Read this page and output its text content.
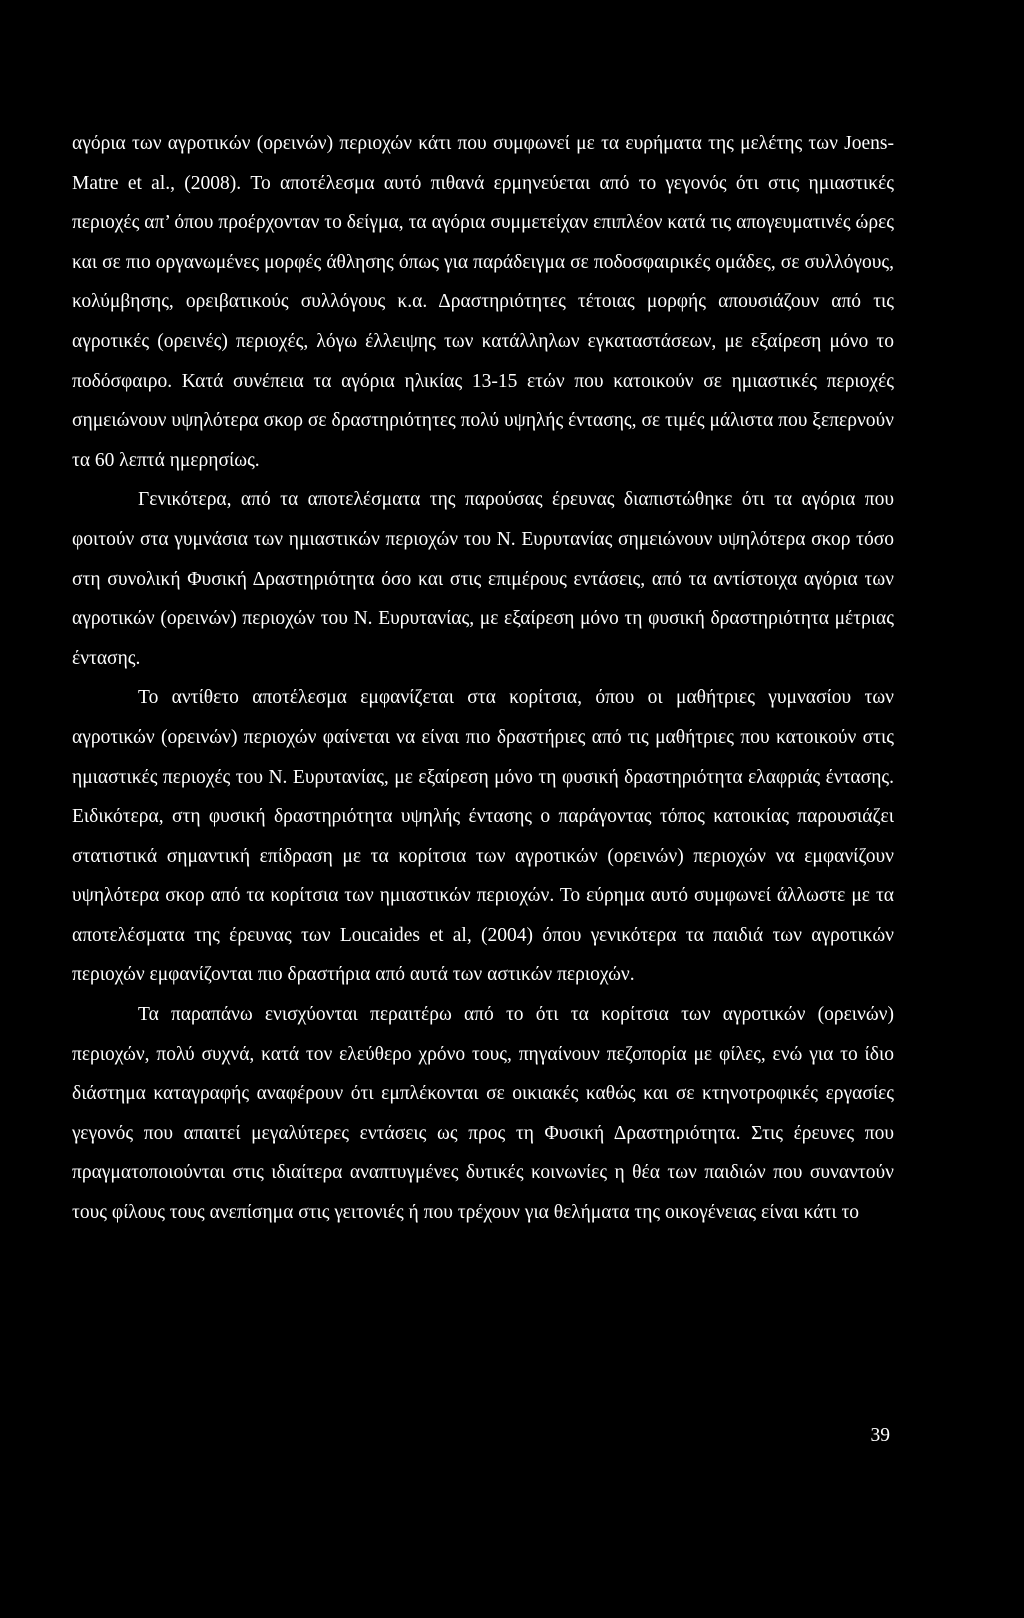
αγόρια των αγροτικών (ορεινών) περιοχών κάτι που συμφωνεί με τα ευρήματα της μελέτης των Joens-Matre et al., (2008). Το αποτέλεσμα αυτό πιθανά ερμηνεύεται από το γεγονός ότι στις ημιαστικές περιοχές απ’ όπου προέρχονταν το δείγμα, τα αγόρια συμμετείχαν επιπλέον κατά τις απογευματινές ώρες και σε πιο οργανωμένες μορφές άθλησης όπως για παράδειγμα σε ποδοσφαιρικές ομάδες, σε συλλόγους, κολύμβησης, ορειβατικούς συλλόγους κ.α. Δραστηριότητες τέτοιας μορφής απουσιάζουν από τις αγροτικές (ορεινές) περιοχές, λόγω έλλειψης των κατάλληλων εγκαταστάσεων, με εξαίρεση μόνο το ποδόσφαιρο. Κατά συνέπεια τα αγόρια ηλικίας 13-15 ετών που κατοικούν σε ημιαστικές περιοχές σημειώνουν υψηλότερα σκορ σε δραστηριότητες πολύ υψηλής έντασης, σε τιμές μάλιστα που ξεπερνούν τα 60 λεπτά ημερησίως.

Γενικότερα, από τα αποτελέσματα της παρούσας έρευνας διαπιστώθηκε ότι τα αγόρια που φοιτούν στα γυμνάσια των ημιαστικών περιοχών του Ν. Ευρυτανίας σημειώνουν υψηλότερα σκορ τόσο στη συνολική Φυσική Δραστηριότητα όσο και στις επιμέρους εντάσεις, από τα αντίστοιχα αγόρια των αγροτικών (ορεινών) περιοχών του Ν. Ευρυτανίας, με εξαίρεση μόνο τη φυσική δραστηριότητα μέτριας έντασης.

Το αντίθετο αποτέλεσμα εμφανίζεται στα κορίτσια, όπου οι μαθήτριες γυμνασίου των αγροτικών (ορεινών) περιοχών φαίνεται να είναι πιο δραστήριες από τις μαθήτριες που κατοικούν στις ημιαστικές περιοχές του Ν. Ευρυτανίας, με εξαίρεση μόνο τη φυσική δραστηριότητα ελαφριάς έντασης. Ειδικότερα, στη φυσική δραστηριότητα υψηλής έντασης ο παράγοντας τόπος κατοικίας παρουσιάζει στατιστικά σημαντική επίδραση με τα κορίτσια των αγροτικών (ορεινών) περιοχών να εμφανίζουν υψηλότερα σκορ από τα κορίτσια των ημιαστικών περιοχών. Το εύρημα αυτό συμφωνεί άλλωστε με τα αποτελέσματα της έρευνας των Loucaides et al, (2004) όπου γενικότερα τα παιδιά των αγροτικών περιοχών εμφανίζονται πιο δραστήρια από αυτά των αστικών περιοχών.

Τα παραπάνω ενισχύονται περαιτέρω από το ότι τα κορίτσια των αγροτικών (ορεινών) περιοχών, πολύ συχνά, κατά τον ελεύθερο χρόνο τους, πηγαίνουν πεζοπορία με φίλες, ενώ για το ίδιο διάστημα καταγραφής αναφέρουν ότι εμπλέκονται σε οικιακές καθώς και σε κτηνοτροφικές εργασίες γεγονός που απαιτεί μεγαλύτερες εντάσεις ως προς τη Φυσική Δραστηριότητα. Στις έρευνες που πραγματοποιούνται στις ιδιαίτερα αναπτυγμένες δυτικές κοινωνίες η θέα των παιδιών που συναντούν τους φίλους τους ανεπίσημα στις γειτονιές ή που τρέχουν για θελήματα της οικογένειας είναι κάτι το

39
